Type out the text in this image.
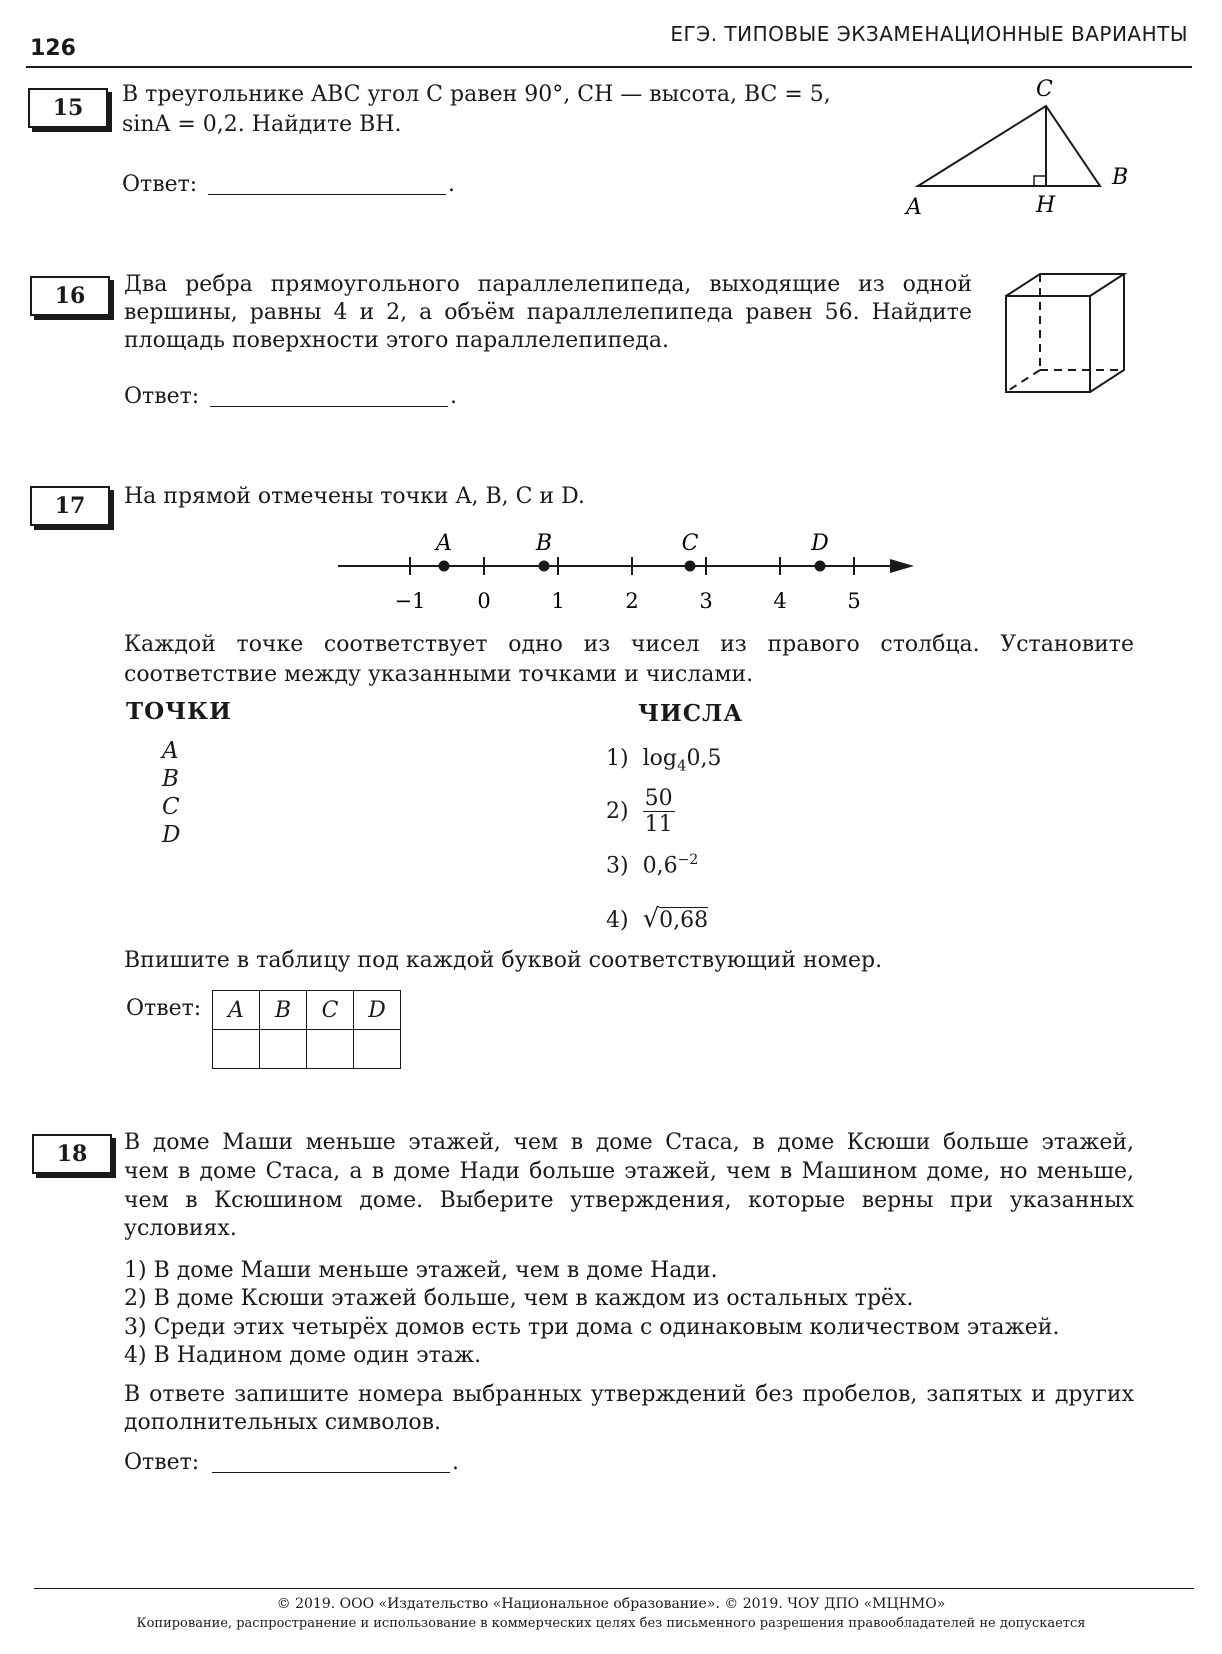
126
ЕГЭ. ТИПОВЫЕ ЭКЗАМЕНАЦИОННЫЕ ВАРИАНТЫ
15
В треугольнике ABC угол C равен 90°, CH — высота, BC = 5,
sinA = 0,2. Найдите BH.
Ответ:	.
C
A
B
H
16	Два ребра прямоугольного параллелепипеда, выходящие из одной
вершины, равны 4 и 2, а объём параллелепипеда равен 56. Найдите
площадь поверхности этого параллелепипеда.
Ответ:	.
17	На прямой отмечены точки A, B, C и D.
−1 0	1	2	3	4	5
A	B	C	D
Каждой точке соответствует одно из чисел из правого столбца. Установите
соответствие между указанными точками и числами.
ТОЧКИ	ЧИСЛА
A
B
C
D
1) $\log_40,5$
$2) \frac{50}{11}$
3) $0,6^{-2}$
4) √0,68
Впишите в таблицу под каждой буквой соответствующий номер.
Ответ: A	B	C	D

18	В доме Маши меньше этажей, чем в доме Стаса, в доме Ксюши больше этажей,
чем в доме Стаса, а в доме Нади больше этажей, чем в Машином доме, но меньше,
чем в Ксюшином доме. Выберите утверждения, которые верны при указанных
условиях.
1) В доме Маши меньше этажей, чем в доме Нади.
2) В доме Ксюши этажей больше, чем в каждом из остальных трёх.
3) Среди этих четырёх домов есть три дома с одинаковым количеством этажей.
4) В Надином доме один этаж.
В ответе запишите номера выбранных утверждений без пробелов, запятых и других
дополнительных символов.
Ответ:	.
© 2019. ООО «Издательство «Национальное образование». © 2019. ЧОУ ДПО «МЦНМО»
Копирование, распространение и использование в коммерческих целях без письменного разрешения правообладателей не допускается
